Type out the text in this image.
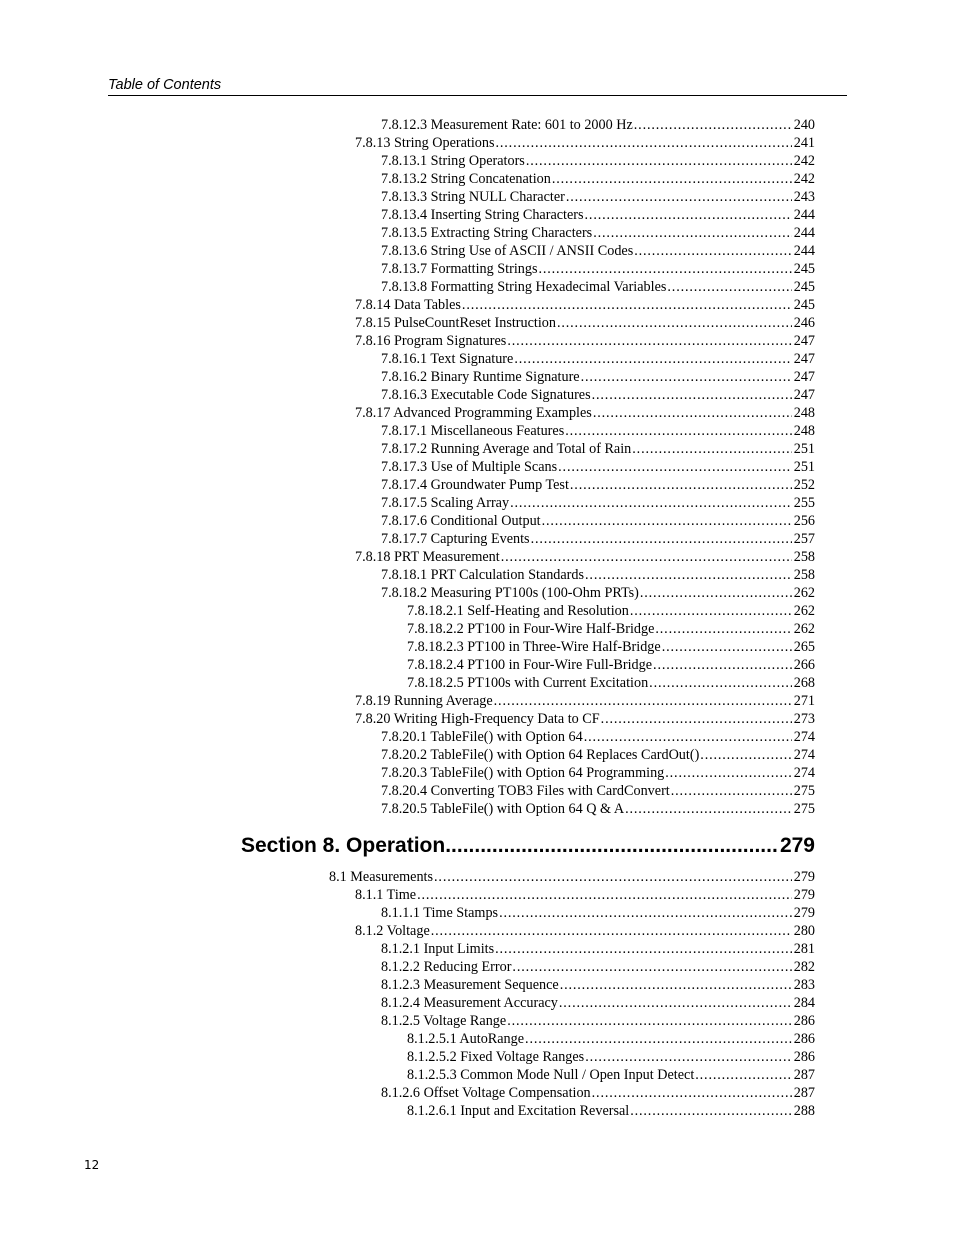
Table of Contents
7.8.12.3 Measurement Rate: 601 to 2000 Hz . . .	240
7.8.13 String Operations . . .	241
7.8.13.1 String Operators . . .	242
7.8.13.2 String Concatenation . . .	242
7.8.13.3 String NULL Character . . .	243
7.8.13.4 Inserting String Characters . . .	244
7.8.13.5 Extracting String Characters . . .	244
7.8.13.6 String Use of ASCII / ANSII Codes . . .	244
7.8.13.7 Formatting Strings . . .	245
7.8.13.8 Formatting String Hexadecimal Variables . . .	245
7.8.14 Data Tables . . .	245
7.8.15 PulseCountReset Instruction . . .	246
7.8.16 Program Signatures . . .	247
7.8.16.1 Text Signature . . .	247
7.8.16.2 Binary Runtime Signature . . .	247
7.8.16.3 Executable Code Signatures . . .	247
7.8.17 Advanced Programming Examples . . .	248
7.8.17.1 Miscellaneous Features . . .	248
7.8.17.2 Running Average and Total of Rain . . .	251
7.8.17.3 Use of Multiple Scans . . .	251
7.8.17.4 Groundwater Pump Test . . .	252
7.8.17.5 Scaling Array . . .	255
7.8.17.6 Conditional Output . . .	256
7.8.17.7 Capturing Events . . .	257
7.8.18 PRT Measurement . . .	258
7.8.18.1 PRT Calculation Standards . . .	258
7.8.18.2 Measuring PT100s (100-Ohm PRTs) . . .	262
7.8.18.2.1 Self-Heating and Resolution . . .	262
7.8.18.2.2 PT100 in Four-Wire Half-Bridge . . .	262
7.8.18.2.3 PT100 in Three-Wire Half-Bridge . . .	265
7.8.18.2.4 PT100 in Four-Wire Full-Bridge . . .	266
7.8.18.2.5 PT100s with Current Excitation . . .	268
7.8.19 Running Average . . .	271
7.8.20 Writing High-Frequency Data to CF . . .	273
7.8.20.1 TableFile() with Option 64 . . .	274
7.8.20.2 TableFile() with Option 64 Replaces CardOut() . . .	274
7.8.20.3 TableFile() with Option 64 Programming . . .	274
7.8.20.4 Converting TOB3 Files with CardConvert . . .	275
7.8.20.5 TableFile() with Option 64 Q & A . . .	275
Section 8. Operation .....	279
8.1 Measurements . . .	279
8.1.1 Time . . .	279
8.1.1.1 Time Stamps . . .	279
8.1.2 Voltage . . .	280
8.1.2.1 Input Limits . . .	281
8.1.2.2 Reducing Error . . .	282
8.1.2.3 Measurement Sequence . . .	283
8.1.2.4 Measurement Accuracy . . .	284
8.1.2.5 Voltage Range . . .	286
8.1.2.5.1 AutoRange . . .	286
8.1.2.5.2 Fixed Voltage Ranges . . .	286
8.1.2.5.3 Common Mode Null / Open Input Detect . . .	287
8.1.2.6 Offset Voltage Compensation . . .	287
8.1.2.6.1 Input and Excitation Reversal . . .	288
12
